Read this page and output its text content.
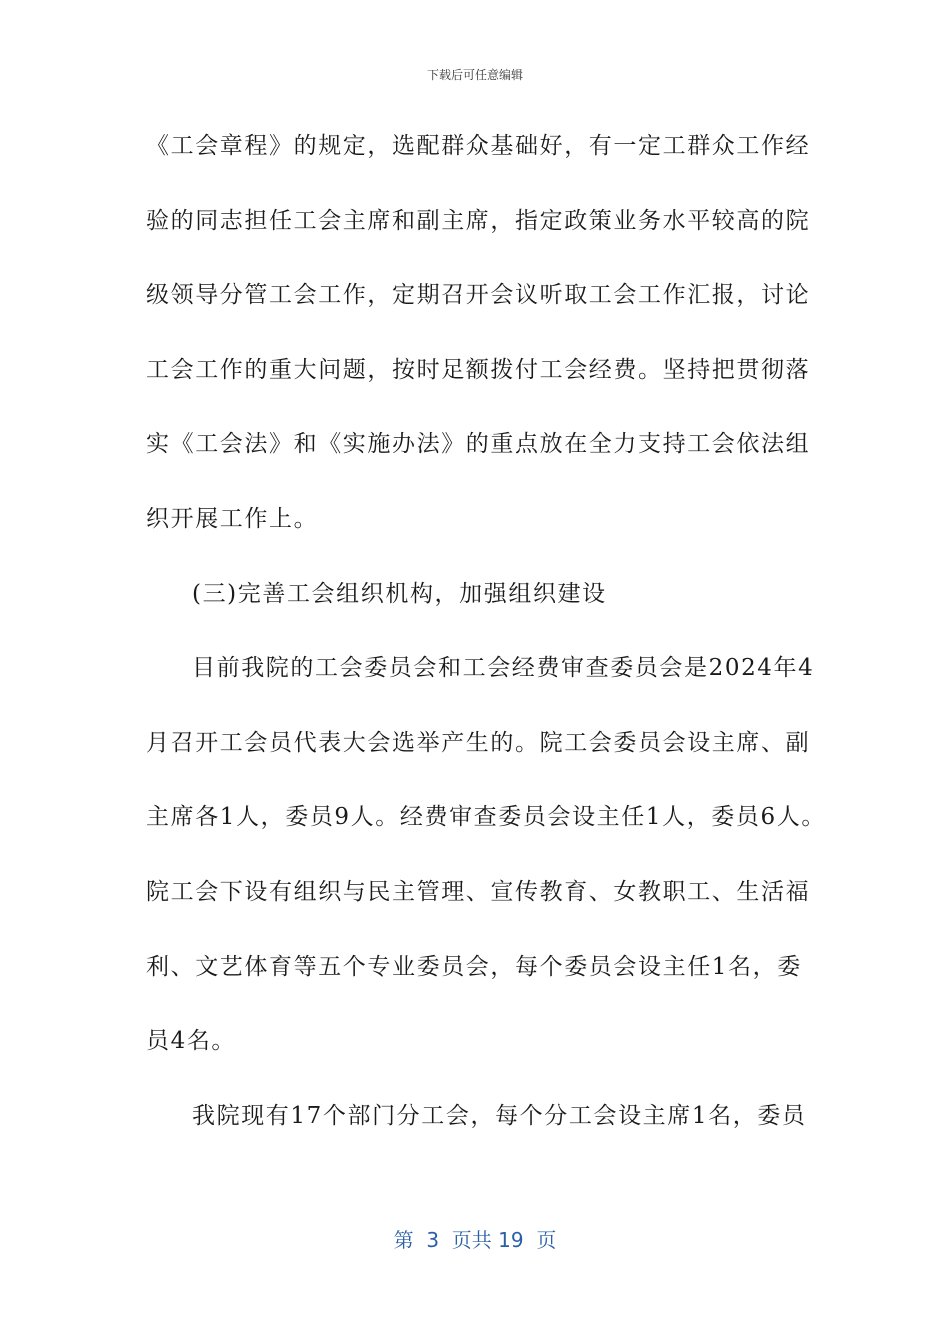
下载后可任意编辑
《工会章程》的规定，选配群众基础好，有一定工群众工作经
验的同志担任工会主席和副主席，指定政策业务水平较高的院
级领导分管工会工作，定期召开会议听取工会工作汇报，讨论
工会工作的重大问题，按时足额拨付工会经费。坚持把贯彻落
实《工会法》和《实施办法》的重点放在全力支持工会依法组
织开展工作上。
(三)完善工会组织机构，加强组织建设
目前我院的工会委员会和工会经费审查委员会是2024年4
月召开工会员代表大会选举产生的。院工会委员会设主席、副
主席各1人，委员9人。经费审查委员会设主任1人，委员6人。
院工会下设有组织与民主管理、宣传教育、女教职工、生活福
利、文艺体育等五个专业委员会，每个委员会设主任1名，委
员4名。
我院现有17个部门分工会，每个分工会设主席1名，委员
第  3  页共 19  页
